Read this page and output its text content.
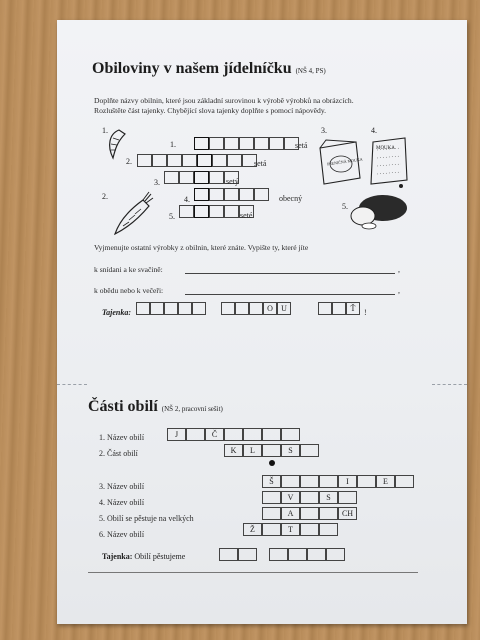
Obiloviny v našem jídelníčku (NŠ 4, PS)
Doplňte názvy obilnin, které jsou základní surovinou k výrobě výrobků na obrázcích.
Rozluštěte část tajenky. Chybějící slova tajenky doplňte s pomocí nápovědy.
1.
2.
1.
2.
3.
4.
5.
setá
setá
setý
obecný
seté
3.
PŠENIČNÁ MOUKA
4.
MOUKA
5.
Vyjmenujte ostatní výrobky z obilnin, které znáte. Vypište ty, které jíte
k snídani a ke svačině:	,
k obědu nebo k večeři:	,
Tajenka:	O	U	Ť	!
Části obilí (NŠ 2, pracovní sešit)
1. Název obilí
2. Část obilí
3. Název obilí
4. Název obilí
5. Obilí se pěstuje na velkých
6. Název obilí
J	Č
K	L	S
Š	I	E
V	S
A	CH
Ž	T
Tajenka: Obilí pěstujeme
